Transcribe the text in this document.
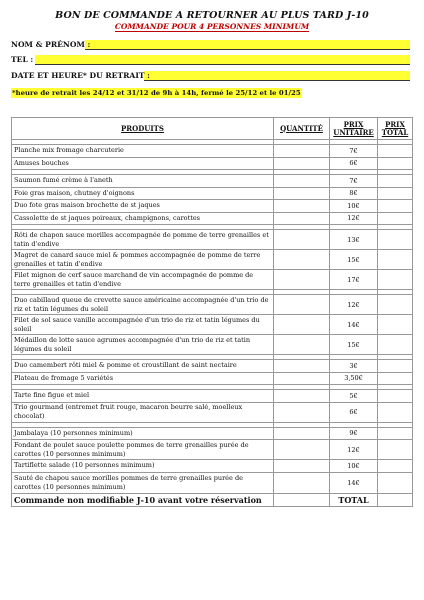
BON DE COMMANDE A RETOURNER AU PLUS TARD J-10
COMMANDE POUR 4 PERSONNES MINIMUM
NOM & PRÉNOM :
TEL :
DATE ET HEURE* DU RETRAIT :
*heure de retrait les 24/12 et 31/12 de 9h à 14h, fermé le 25/12 et le 01/25
PRODUITS	QUANTITÉ	PRIX UNITAIRE	PRIX TOTAL

Planche mix fromage charcuterie		7€	
Amuses bouches		6€	

Saumon fumé crème à l'aneth		7€	
Foie gras maison, chutney d'oignons		8€	
Duo fote gras maison brochette de st jaques		10€	
Cassolette de st jaques poireaux, champignons, carottes		12€	

Rôti de chapon sauce morilles accompagnée de pomme de terre grenailles et tatin d'endive		13€	
Magret de canard sauce miel & pommes accompagnée de pomme de terre grenailles et tatin d'endive		15€	
Filet mignon de cerf sauce marchand de vin accompagnée de pomme de terre grenailles et tatin d'endive		17€	

Duo cabillaud queue de crevette sauce américaine accompagnée d'un trio de riz et tatin légumes du soleil		12€	
Filet de sol sauce vanille accompagnée d'un trio de riz et tatin légumes du soleil		14€	
Médaillon de lotte sauce agrumes accompagnée d'un trio de riz et tatin légumes du soleil		15€	

Duo camembert rôti miel & pomme et croustillant de saint nectaire		3€	
Plateau de fromage 5 variétés		3,50€	

Tarte fine figue et miel		5€	
Trio gourmand (entremet fruit rouge, macaron beurre salé, moelleux chocolat)		6€	

Jambalaya (10 personnes minimum)		9€	
Fondant de poulet sauce poulette pommes de terre grenailles purée de carottes (10 personnes minimum)		12€	
Tartiflette salade (10 personnes minimum)		10€	
Sauté de chapou sauce morilles pommes de terre grenailles purée de carottes (10 personnes minimum)		14€	
Commande non modifiable J-10 avant votre réservation		TOTAL	
